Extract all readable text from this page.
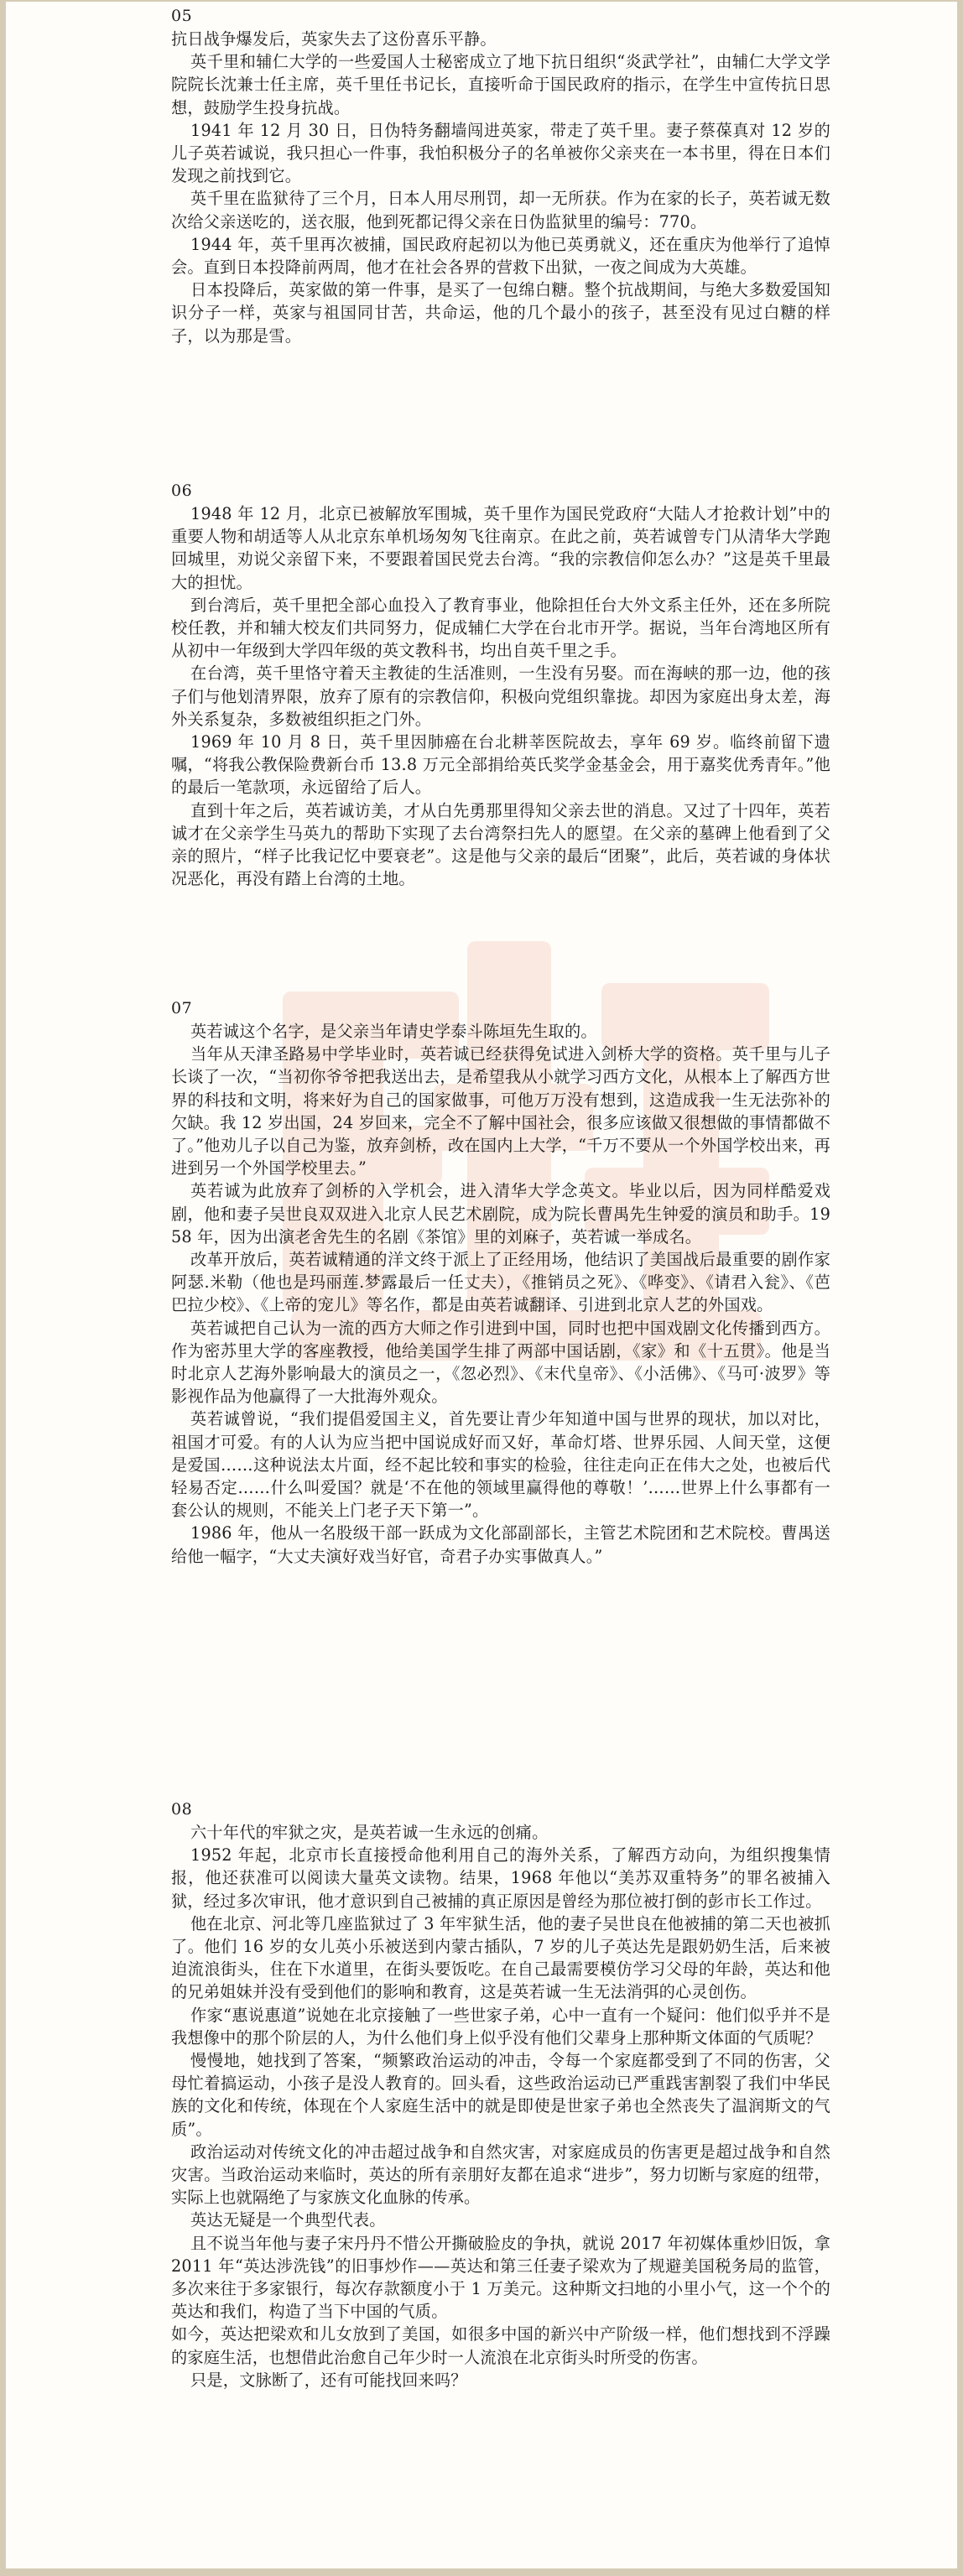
05

抗日战争爆发后，英家失去了这份喜乐平静。

英千里和辅仁大学的一些爱国人士秘密成立了地下抗日组织“炎武学社”，由辅仁大学文学院院长沈兼士任主席，英千里任书记长，直接听命于国民政府的指示，在学生中宣传抗日思想，鼓励学生投身抗战。

1941 年 12 月 30 日，日伪特务翻墙闯进英家，带走了英千里。妻子蔡葆真对 12 岁的儿子英若诚说，我只担心一件事，我怕积极分子的名单被你父亲夹在一本书里，得在日本们发现之前找到它。

英千里在监狱待了三个月，日本人用尽刑罚，却一无所获。作为在家的长子，英若诚无数次给父亲送吃的，送衣服，他到死都记得父亲在日伪监狱里的编号：770。

1944 年，英千里再次被捕，国民政府起初以为他已英勇就义，还在重庆为他举行了追悼会。直到日本投降前两周，他才在社会各界的营救下出狱，一夜之间成为大英雄。

日本投降后，英家做的第一件事，是买了一包绵白糖。整个抗战期间，与绝大多数爱国知识分子一样，英家与祖国同甘苦，共命运，他的几个最小的孩子，甚至没有见过白糖的样子，以为那是雪。

06

1948 年 12 月，北京已被解放军围城，英千里作为国民党政府“大陆人才抢救计划”中的重要人物和胡适等人从北京东单机场匆匆飞往南京。在此之前，英若诚曾专门从清华大学跑回城里，劝说父亲留下来，不要跟着国民党去台湾。“我的宗教信仰怎么办？”这是英千里最大的担忧。

到台湾后，英千里把全部心血投入了教育事业，他除担任台大外文系主任外，还在多所院校任教，并和辅大校友们共同努力，促成辅仁大学在台北市开学。据说，当年台湾地区所有从初中一年级到大学四年级的英文教科书，均出自英千里之手。

在台湾，英千里恪守着天主教徒的生活准则，一生没有另娶。而在海峡的那一边，他的孩子们与他划清界限，放弃了原有的宗教信仰，积极向党组织靠拢。却因为家庭出身太差，海外关系复杂，多数被组织拒之门外。

1969 年 10 月 8 日，英千里因肺癌在台北耕莘医院故去，享年 69 岁。临终前留下遗嘱，“将我公教保险费新台币 13.8 万元全部捐给英氏奖学金基金会，用于嘉奖优秀青年。”他的最后一笔款项，永远留给了后人。

直到十年之后，英若诚访美，才从白先勇那里得知父亲去世的消息。又过了十四年，英若诚才在父亲学生马英九的帮助下实现了去台湾祭扫先人的愿望。在父亲的墓碑上他看到了父亲的照片，“样子比我记忆中要衰老”。这是他与父亲的最后“团聚”，此后，英若诚的身体状况恶化，再没有踏上台湾的土地。

07

英若诚这个名字，是父亲当年请史学泰斗陈垣先生取的。

当年从天津圣路易中学毕业时，英若诚已经获得免试进入剑桥大学的资格。英千里与儿子长谈了一次，“当初你爷爷把我送出去，是希望我从小就学习西方文化，从根本上了解西方世界的科技和文明，将来好为自己的国家做事，可他万万没有想到，这造成我一生无法弥补的欠缺。我 12 岁出国，24 岁回来，完全不了解中国社会，很多应该做又很想做的事情都做不了。”他劝儿子以自己为鉴，放弃剑桥，改在国内上大学，“千万不要从一个外国学校出来，再进到另一个外国学校里去。”

英若诚为此放弃了剑桥的入学机会，进入清华大学念英文。毕业以后，因为同样酷爱戏剧，他和妻子吴世良双双进入北京人民艺术剧院，成为院长曹禺先生钟爱的演员和助手。1958 年，因为出演老舍先生的名剧《茶馆》里的刘麻子，英若诚一举成名。

改革开放后，英若诚精通的洋文终于派上了正经用场，他结识了美国战后最重要的剧作家阿瑟.米勒（他也是玛丽莲.梦露最后一任丈夫），《推销员之死》、《哗变》、《请君入瓮》、《芭巴拉少校》、《上帝的宠儿》等名作，都是由英若诚翻译、引进到北京人艺的外国戏。

英若诚把自己认为一流的西方大师之作引进到中国，同时也把中国戏剧文化传播到西方。作为密苏里大学的客座教授，他给美国学生排了两部中国话剧，《家》和《十五贯》。他是当时北京人艺海外影响最大的演员之一，《忽必烈》、《末代皇帝》、《小活佛》、《马可·波罗》等影视作品为他赢得了一大批海外观众。

英若诚曾说，“我们提倡爱国主义，首先要让青少年知道中国与世界的现状，加以对比，祖国才可爱。有的人认为应当把中国说成好而又好，革命灯塔、世界乐园、人间天堂，这便是爱国……这种说法太片面，经不起比较和事实的检验，往往走向正在伟大之处，也被后代轻易否定……什么叫爱国？就是‘不在他的领域里赢得他的尊敬！’……世界上什么事都有一套公认的规则，不能关上门老子天下第一”。

1986 年，他从一名股级干部一跃成为文化部副部长，主管艺术院团和艺术院校。曹禺送给他一幅字，“大丈夫演好戏当好官，奇君子办实事做真人。”

08

六十年代的牢狱之灾，是英若诚一生永远的创痛。

1952 年起，北京市长直接授命他利用自己的海外关系，了解西方动向，为组织搜集情报，他还获准可以阅读大量英文读物。结果，1968 年他以“美苏双重特务”的罪名被捕入狱，经过多次审讯，他才意识到自己被捕的真正原因是曾经为那位被打倒的彭市长工作过。

他在北京、河北等几座监狱过了 3 年牢狱生活，他的妻子吴世良在他被捕的第二天也被抓了。他们 16 岁的女儿英小乐被送到内蒙古插队，7 岁的儿子英达先是跟奶奶生活，后来被迫流浪街头，住在下水道里，在街头要饭吃。在自己最需要模仿学习父母的年龄，英达和他的兄弟姐妹并没有受到他们的影响和教育，这是英若诚一生无法消弭的心灵创伤。

作家“惠说惠道”说她在北京接触了一些世家子弟，心中一直有一个疑问：他们似乎并不是我想像中的那个阶层的人，为什么他们身上似乎没有他们父辈身上那种斯文体面的气质呢？

慢慢地，她找到了答案，“频繁政治运动的冲击，令每一个家庭都受到了不同的伤害，父母忙着搞运动，小孩子是没人教育的。回头看，这些政治运动已严重践害割裂了我们中华民族的文化和传统，体现在个人家庭生活中的就是即使是世家子弟也全然丧失了温润斯文的气质”。

政治运动对传统文化的冲击超过战争和自然灾害，对家庭成员的伤害更是超过战争和自然灾害。当政治运动来临时，英达的所有亲朋好友都在追求“进步”，努力切断与家庭的纽带，实际上也就隔绝了与家族文化血脉的传承。

英达无疑是一个典型代表。

且不说当年他与妻子宋丹丹不惜公开撕破脸皮的争执，就说 2017 年初媒体重炒旧饭，拿 2011 年“英达涉洗钱”的旧事炒作——英达和第三任妻子梁欢为了规避美国税务局的监管，多次来往于多家银行，每次存款额度小于 1 万美元。这种斯文扫地的小里小气，这一个个的英达和我们，构造了当下中国的气质。

如今，英达把梁欢和儿女放到了美国，如很多中国的新兴中产阶级一样，他们想找到不浮躁的家庭生活，也想借此治愈自己年少时一人流浪在北京街头时所受的伤害。

只是，文脉断了，还有可能找回来吗？
